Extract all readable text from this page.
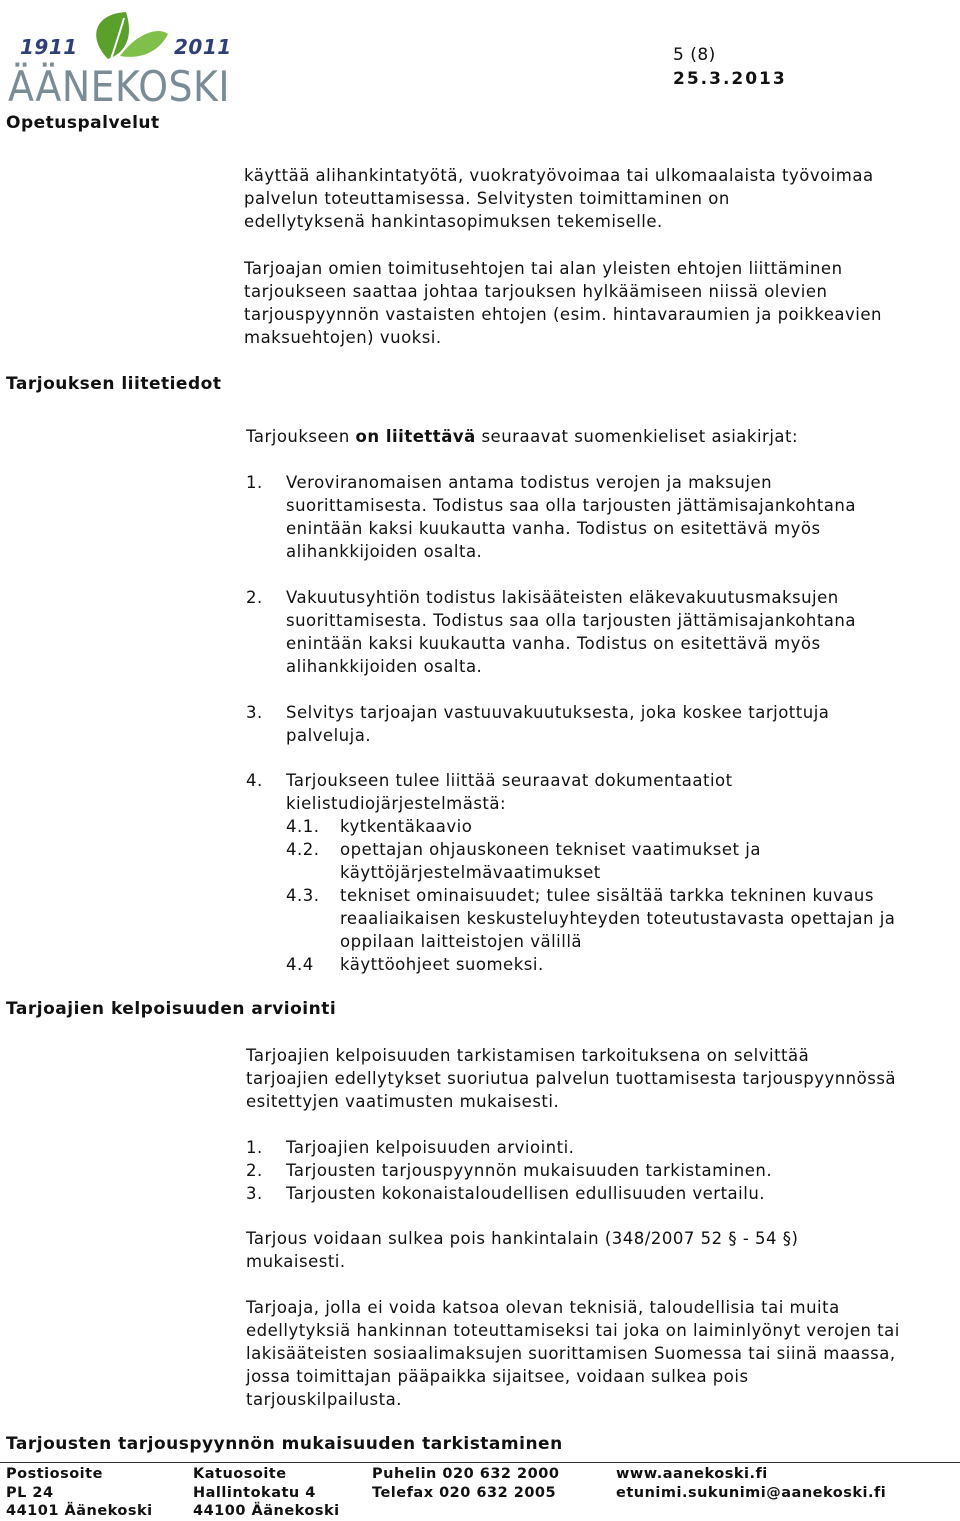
1911	2011
ÄÄNEKOSKI
Opetuspalvelut
5 (8)
25.3.2013
käyttää alihankintatyötä, vuokratyövoimaa tai ulkomaalaista työvoimaa
palvelun toteuttamisessa. Selvitysten toimittaminen on
edellytyksenä hankintasopimuksen tekemiselle.
Tarjoajan omien toimitusehtojen tai alan yleisten ehtojen liittäminen
tarjoukseen saattaa johtaa tarjouksen hylkäämiseen niissä olevien
tarjouspyynnön vastaisten ehtojen (esim. hintavaraumien ja poikkeavien
maksuehtojen) vuoksi.
Tarjouksen liitetiedot
Tarjoukseen on liitettävä seuraavat suomenkieliset asiakirjat:
1. Veroviranomaisen antama todistus verojen ja maksujen
suorittamisesta. Todistus saa olla tarjousten jättämisajankohtana
enintään kaksi kuukautta vanha. Todistus on esitettävä myös
alihankkijoiden osalta.
2. Vakuutusyhtiön todistus lakisääteisten eläkevakuutusmaksujen
suorittamisesta. Todistus saa olla tarjousten jättämisajankohtana
enintään kaksi kuukautta vanha. Todistus on esitettävä myös
alihankkijoiden osalta.
3. Selvitys tarjoajan vastuuvakuutuksesta, joka koskee tarjottuja
palveluja.
4. Tarjoukseen tulee liittää seuraavat dokumentaatiot
kielistudiojärjestelmästä:
4.1. kytkentäkaavio
4.2. opettajan ohjauskoneen tekniset vaatimukset ja
käyttöjärjestelmävaatimukset
4.3. tekniset ominaisuudet; tulee sisältää tarkka tekninen kuvaus
reaaliaikaisen keskusteluyhteyden toteutustavasta opettajan ja
oppilaan laitteistojen välillä
4.4 käyttöohjeet suomeksi.
Tarjoajien kelpoisuuden arviointi
Tarjoajien kelpoisuuden tarkistamisen tarkoituksena on selvittää
tarjoajien edellytykset suoriutua palvelun tuottamisesta tarjouspyynnössä
esitettyjen vaatimusten mukaisesti.
1. Tarjoajien kelpoisuuden arviointi.
2. Tarjousten tarjouspyynnön mukaisuuden tarkistaminen.
3. Tarjousten kokonaistaloudellisen edullisuuden vertailu.
Tarjous voidaan sulkea pois hankintalain (348/2007 52 § - 54 §)
mukaisesti.
Tarjoaja, jolla ei voida katsoa olevan teknisiä, taloudellisia tai muita
edellytyksiä hankinnan toteuttamiseksi tai joka on laiminlyönyt verojen tai
lakisääteisten sosiaalimaksujen suorittamisen Suomessa tai siinä maassa,
jossa toimittajan pääpaikka sijaitsee, voidaan sulkea pois
tarjouskilpailusta.
Tarjousten tarjouspyynnön mukaisuuden tarkistaminen
Postiosoite
PL 24
44101 Äänekoski
Katuosoite
Hallintokatu 4
44100 Äänekoski
Puhelin 020 632 2000
Telefax 020 632 2005
www.aanekoski.fi
etunimi.sukunimi@aanekoski.fi
